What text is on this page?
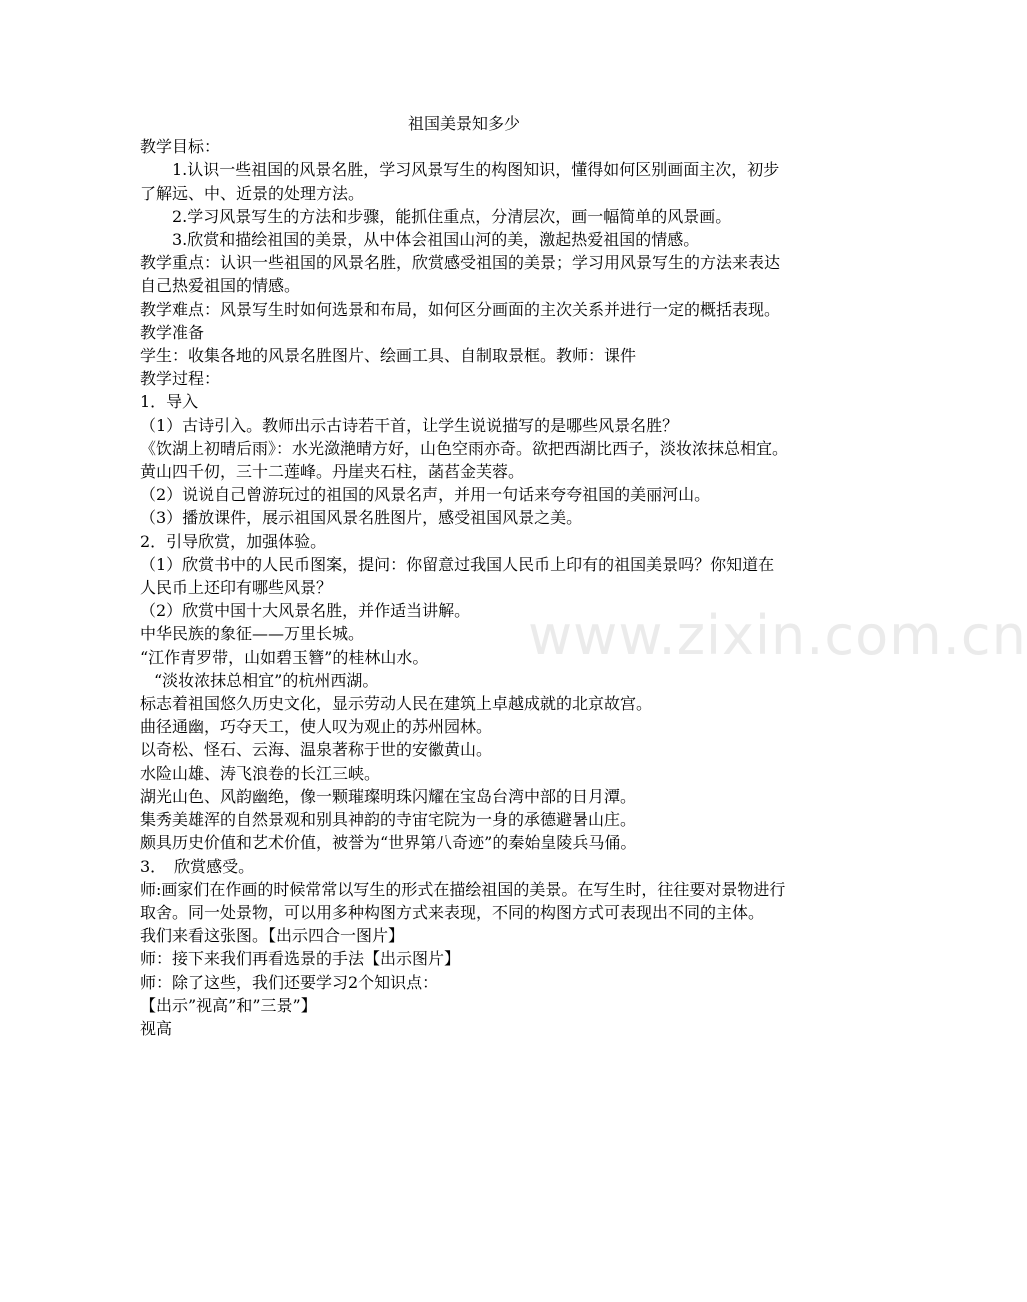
www.zixin.com.cn

祖国美景知多少

教学目标：

1.认识一些祖国的风景名胜，学习风景写生的构图知识，懂得如何区别画面主次，初步了解远、中、近景的处理方法。

2.学习风景写生的方法和步骤，能抓住重点，分清层次，画一幅简单的风景画。

3.欣赏和描绘祖国的美景，从中体会祖国山河的美，激起热爱祖国的情感。

教学重点：认识一些祖国的风景名胜，欣赏感受祖国的美景；学习用风景写生的方法来表达自己热爱祖国的情感。

教学难点：风景写生时如何选景和布局，如何区分画面的主次关系并进行一定的概括表现。

教学准备

学生：收集各地的风景名胜图片、绘画工具、自制取景框。教师：课件

教学过程：

1．导入

（1）古诗引入。教师出示古诗若干首，让学生说说描写的是哪些风景名胜？

《饮湖上初晴后雨》：水光潋滟晴方好，山色空雨亦奇。欲把西湖比西子，淡妆浓抹总相宜。

黄山四千仞，三十二莲峰。丹崖夹石柱，菡萏金芙蓉。

（2）说说自己曾游玩过的祖国的风景名声，并用一句话来夸夸祖国的美丽河山。

（3）播放课件，展示祖国风景名胜图片，感受祖国风景之美。

2．引导欣赏，加强体验。

（1）欣赏书中的人民币图案，提问：你留意过我国人民币上印有的祖国美景吗？你知道在人民币上还印有哪些风景？

（2）欣赏中国十大风景名胜，并作适当讲解。

中华民族的象征——万里长城。

“江作青罗带，山如碧玉簪”的桂林山水。

“淡妆浓抹总相宜”的杭州西湖。

标志着祖国悠久历史文化，显示劳动人民在建筑上卓越成就的北京故宫。

曲径通幽，巧夺天工，使人叹为观止的苏州园林。

以奇松、怪石、云海、温泉著称于世的安徽黄山。

水险山雄、涛飞浪卷的长江三峡。

湖光山色、风韵幽绝，像一颗璀璨明珠闪耀在宝岛台湾中部的日月潭。

集秀美雄浑的自然景观和别具神韵的寺宙宅院为一身的承德避暑山庄。

颇具历史价值和艺术价值，被誉为“世界第八奇迹”的秦始皇陵兵马俑。

3．　欣赏感受。

师:画家们在作画的时候常常以写生的形式在描绘祖国的美景。在写生时，往往要对景物进行取舍。同一处景物，可以用多种构图方式来表现，不同的构图方式可表现出不同的主体。

我们来看这张图。【出示四合一图片】

师：接下来我们再看选景的手法【出示图片】

师：除了这些，我们还要学习2个知识点：

【出示”视高”和”三景”】

视高
